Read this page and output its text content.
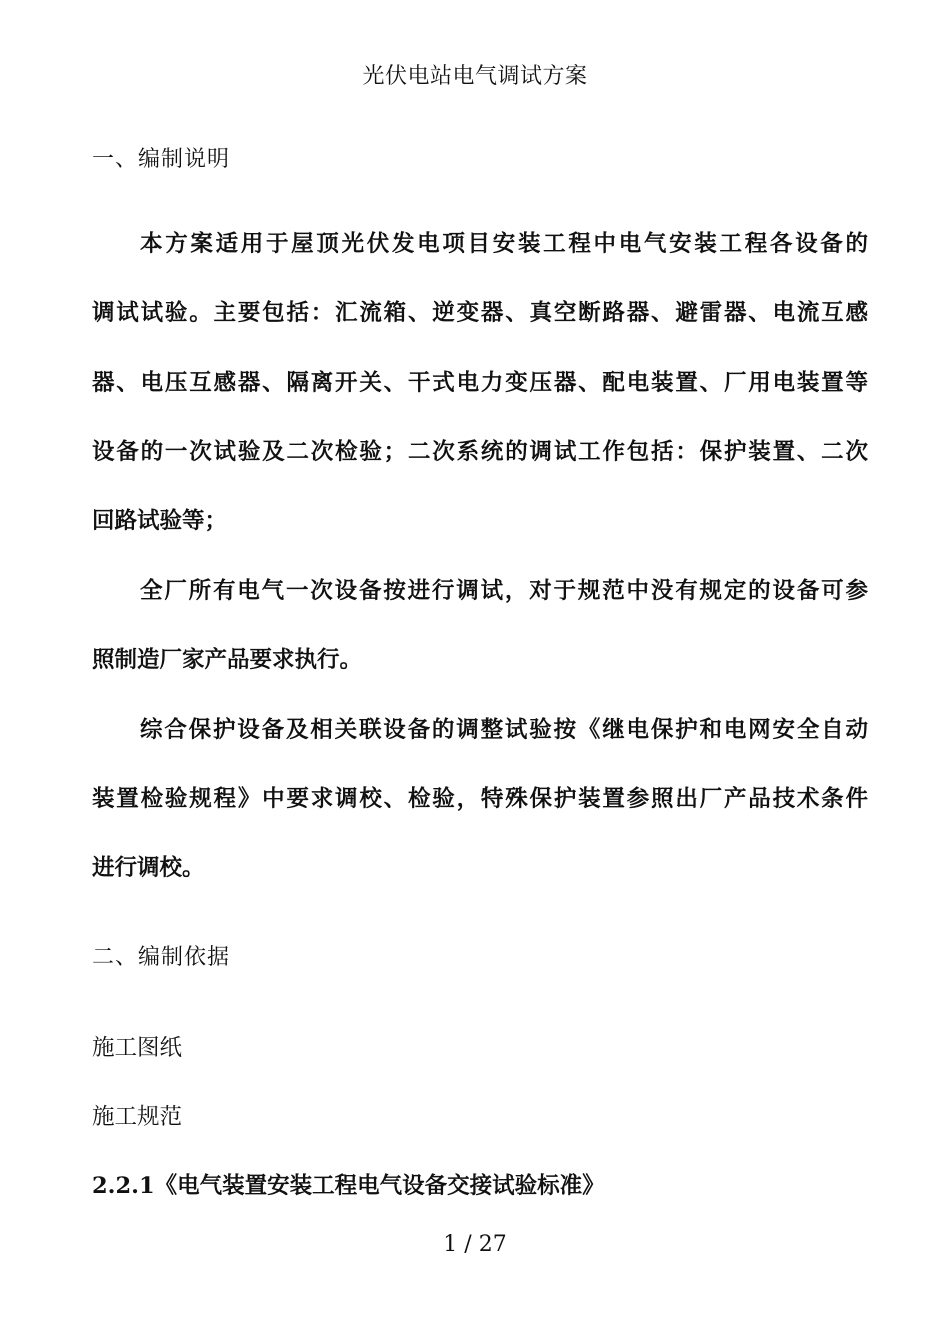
光伏电站电气调试方案
一、编制说明
本方案适用于屋顶光伏发电项目安装工程中电气安装工程各设备的
调试试验。主要包括：汇流箱、逆变器、真空断路器、避雷器、电流互感
器、电压互感器、隔离开关、干式电力变压器、配电装置、厂用电装置等
设备的一次试验及二次检验；二次系统的调试工作包括：保护装置、二次
回路试验等；
全厂所有电气一次设备按进行调试，对于规范中没有规定的设备可参
照制造厂家产品要求执行。
综合保护设备及相关联设备的调整试验按《继电保护和电网安全自动
装置检验规程》中要求调校、检验，特殊保护装置参照出厂产品技术条件
进行调校。
二、编制依据
施工图纸
施工规范
2.2.1《电气装置安装工程电气设备交接试验标准》
1 / 27
